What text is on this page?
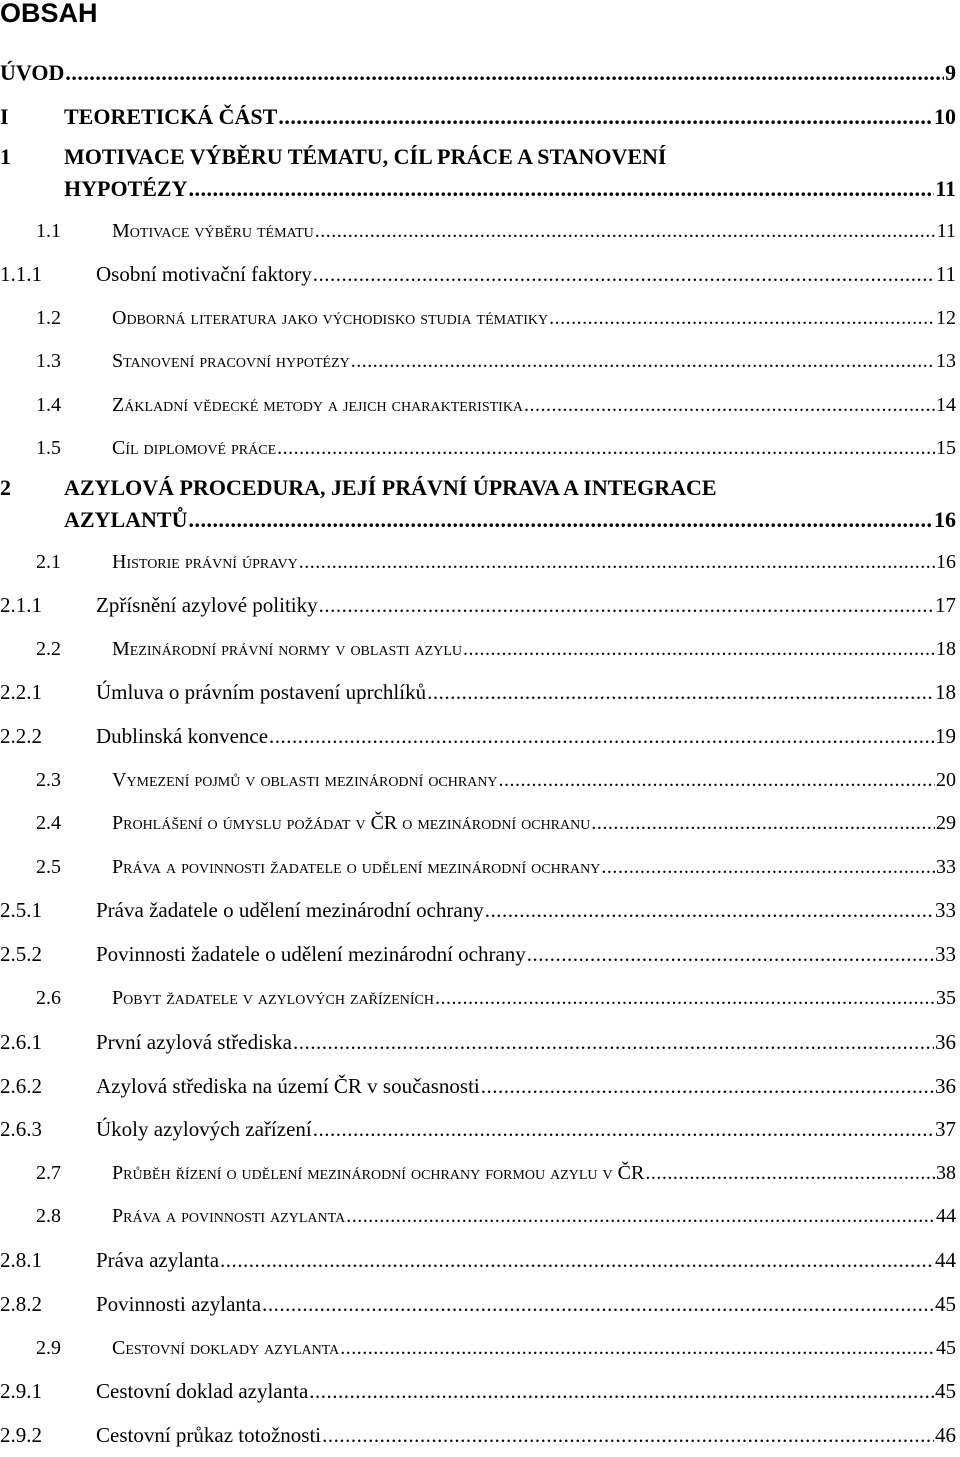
OBSAH
ÚVOD .....	9
I	TEORETICKÁ ČÁST .....	10
1 MOTIVACE VÝBĚRU TÉMATU, CÍL PRÁCE A STANOVENÍ
HYPOTÉZY .....	11
1.1	Motivace výběru tématu .....	11
1.1.1	Osobní motivační faktory .....	11
1.2	Odborná literatura jako východisko studia tématiky .....	12
1.3	Stanovení pracovní hypotézy .....	13
1.4	Základní vědecké metody a jejich charakteristika .....	14
1.5	Cíl diplomové práce .....	15
2 AZYLOVÁ PROCEDURA, JEJÍ PRÁVNÍ ÚPRAVA A INTEGRACE
AZYLANTŮ .....	16
2.1	Historie právní úpravy .....	16
2.1.1	Zpřísnění azylové politiky .....	17
2.2	Mezinárodní právní normy v oblasti azylu .....	18
2.2.1	Úmluva o právním postavení uprchlíků .....	18
2.2.2	Dublinská konvence .....	19
2.3	Vymezení pojmů v oblasti mezinárodní ochrany .....	20
2.4	Prohlášení o úmyslu požádat v ČR o mezinárodní ochranu .....	29
2.5	Práva a povinnosti žadatele o udělení mezinárodní ochrany .....	33
2.5.1	Práva žadatele o udělení mezinárodní ochrany .....	33
2.5.2	Povinnosti žadatele o udělení mezinárodní ochrany .....	33
2.6	Pobyt žadatele v azylových zařízeních .....	35
2.6.1	První azylová střediska .....	36
2.6.2	Azylová střediska na území ČR v současnosti .....	36
2.6.3	Úkoly azylových zařízení .....	37
2.7	Průběh řízení o udělení mezinárodní ochrany formou azylu v ČR .....	38
2.8	Práva a povinnosti azylanta .....	44
2.8.1	Práva azylanta .....	44
2.8.2	Povinnosti azylanta .....	45
2.9	Cestovní doklady azylanta .....	45
2.9.1	Cestovní doklad azylanta .....	45
2.9.2	Cestovní průkaz totožnosti .....	46
